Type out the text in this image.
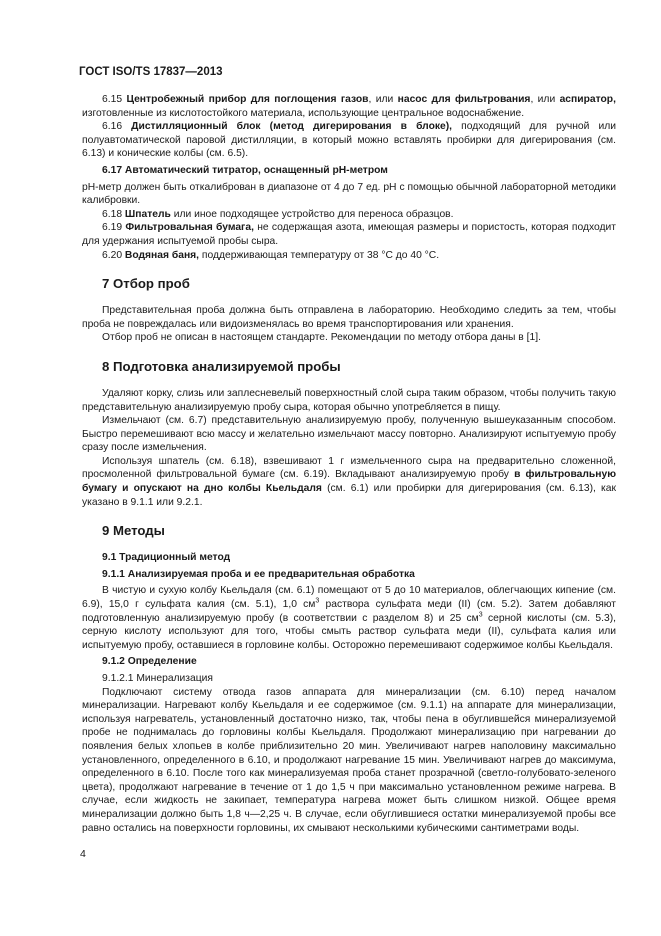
ГОСТ ISO/TS 17837—2013

6.15 Центробежный прибор для поглощения газов, или насос для фильтрования, или аспиратор, изготовленные из кислотостойкого материала, использующие центральное водоснабжение.

6.16 Дистилляционный блок (метод дигерирования в блоке), подходящий для ручной или полуавтоматической паровой дистилляции, в который можно вставлять пробирки для дигерирования (см. 6.13) и конические колбы (см. 6.5).

6.17 Автоматический титратор, оснащенный рН-метром

рН-метр должен быть откалиброван в диапазоне от 4 до 7 ед. рН с помощью обычной лабораторной методики калибровки.

6.18 Шпатель или иное подходящее устройство для переноса образцов.

6.19 Фильтровальная бумага, не содержащая азота, имеющая размеры и пористость, которая подходит для удержания испытуемой пробы сыра.

6.20 Водяная баня, поддерживающая температуру от 38 °С до 40 °С.

7 Отбор проб

Представительная проба должна быть отправлена в лабораторию. Необходимо следить за тем, чтобы проба не повреждалась или видоизменялась во время транспортирования или хранения.

Отбор проб не описан в настоящем стандарте. Рекомендации по методу отбора даны в [1].

8 Подготовка анализируемой пробы

Удаляют корку, слизь или заплесневелый поверхностный слой сыра таким образом, чтобы получить такую представительную анализируемую пробу сыра, которая обычно употребляется в пищу.

Измельчают (см. 6.7) представительную анализируемую пробу, полученную вышеуказанным способом. Быстро перемешивают всю массу и желательно измельчают массу повторно. Анализируют испытуемую пробу сразу после измельчения.

Используя шпатель (см. 6.18), взвешивают 1 г измельченного сыра на предварительно сложенной, просмоленной фильтровальной бумаге (см. 6.19). Вкладывают анализируемую пробу в фильтровальную бумагу и опускают на дно колбы Кьельдаля (см. 6.1) или пробирки для дигерирования (см. 6.13), как указано в 9.1.1 или 9.2.1.

9 Методы
9.1 Традиционный метод
9.1.1 Анализируемая проба и ее предварительная обработка

В чистую и сухую колбу Кьельдаля (см. 6.1) помещают от 5 до 10 материалов, облегчающих кипение (см. 6.9), 15,0 г сульфата калия (см. 5.1), 1,0 $см^3$ раствора сульфата меди (II) (см. 5.2). Затем добавляют подготовленную анализируемую пробу (в соответствии с разделом 8) и 25 $см^3$ серной кислоты (см. 5.3), серную кислоту используют для того, чтобы смыть раствор сульфата меди (II), сульфата калия или испытуемую пробу, оставшиеся в горловине колбы. Осторожно перемешивают содержимое колбы Кьельдаля.

9.1.2 Определение
9.1.2.1 Минерализация

Подключают систему отвода газов аппарата для минерализации (см. 6.10) перед началом минерализации. Нагревают колбу Кьельдаля и ее содержимое (см. 9.1.1) на аппарате для минерализации, используя нагреватель, установленный достаточно низко, так, чтобы пена в обуглившейся минерализуемой пробе не поднималась до горловины колбы Кьельдаля. Продолжают минерализацию при нагревании до появления белых хлопьев в колбе приблизительно 20 мин. Увеличивают нагрев наполовину максимально установленного, определенного в 6.10, и продолжают нагревание 15 мин. Увеличивают нагрев до максимума, определенного в 6.10. После того как минерализуемая проба станет прозрачной (светло-голубовато-зеленого цвета), продолжают нагревание в течение от 1 до 1,5 ч при максимально установленном режиме нагрева. В случае, если жидкость не закипает, температура нагрева может быть слишком низкой. Общее время минерализации должно быть 1,8 ч—2,25 ч. В случае, если обуглившиеся остатки минерализуемой пробы все равно остались на поверхности горловины, их смывают несколькими кубическими сантиметрами воды.

4
